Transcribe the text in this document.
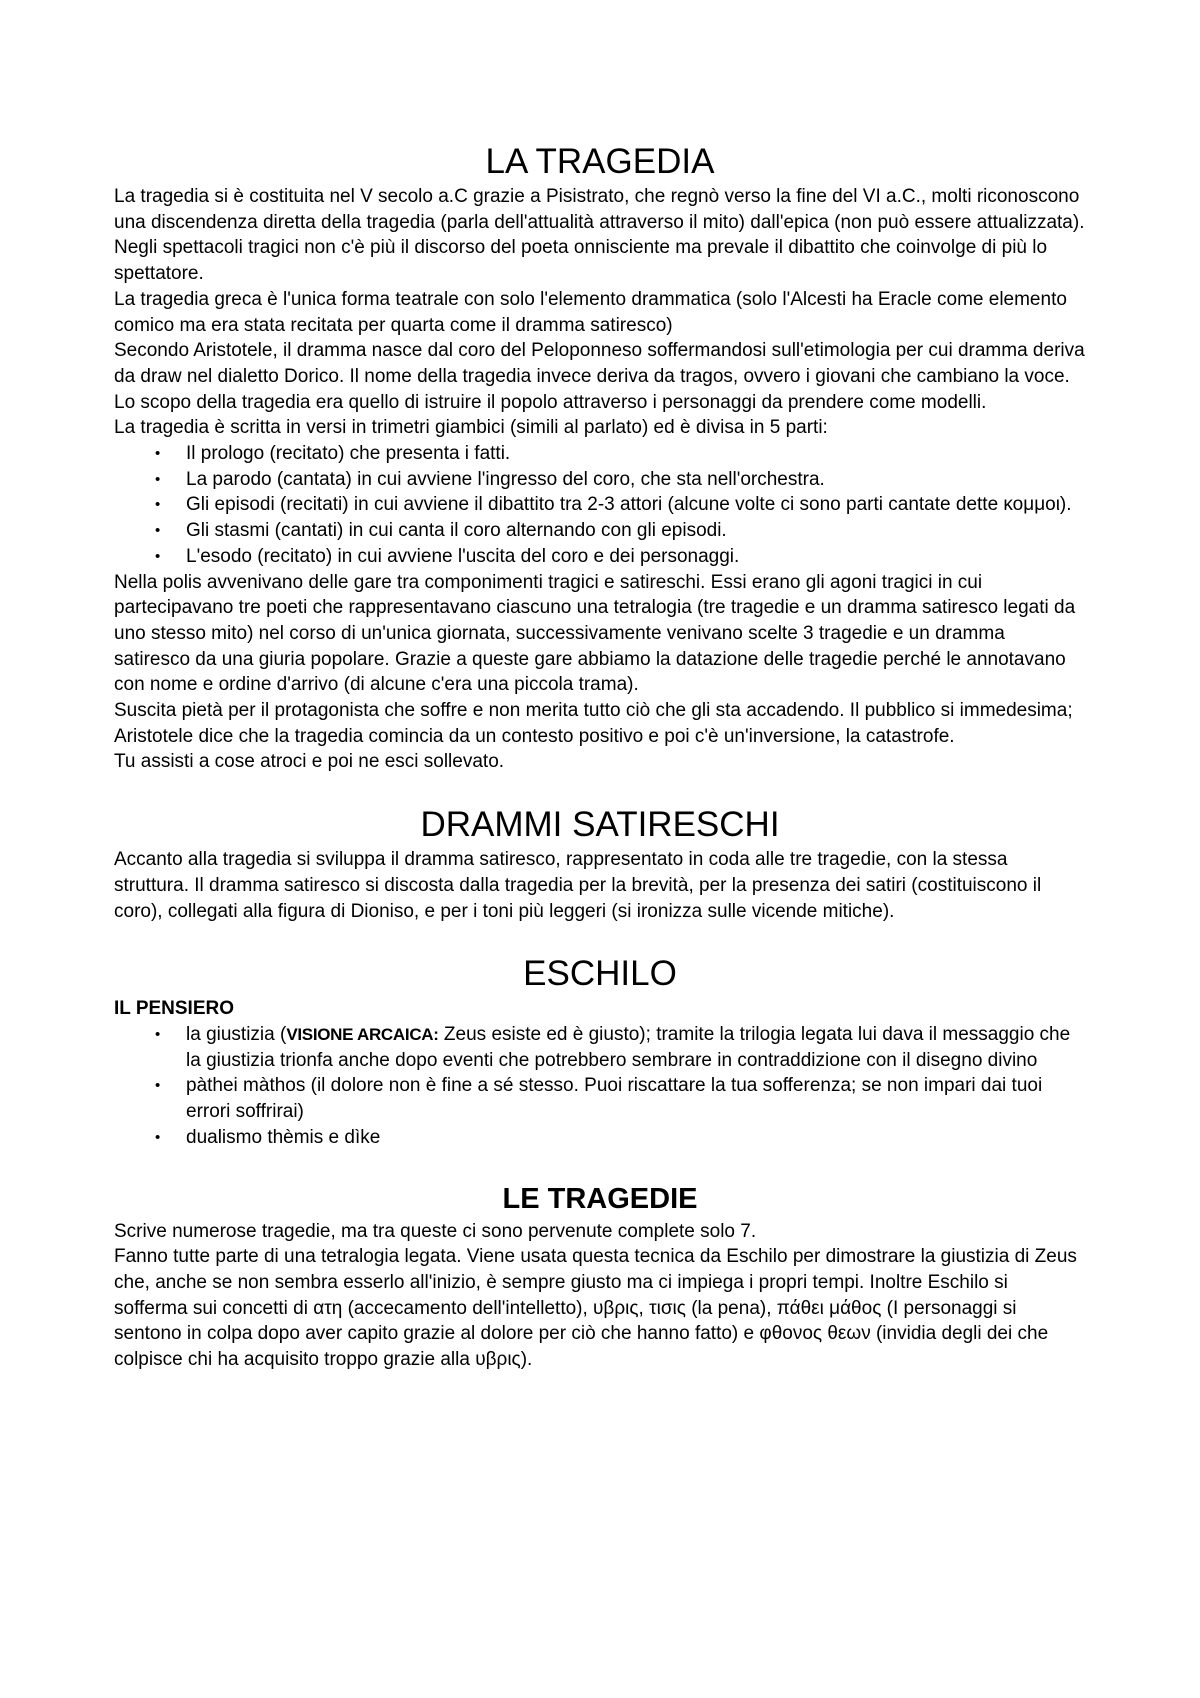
LA TRAGEDIA

La tragedia si è costituita nel V secolo a.C grazie a Pisistrato, che regnò verso la fine del VI a.C., molti riconoscono una discendenza diretta della tragedia (parla dell'attualità attraverso il mito) dall'epica (non può essere attualizzata). Negli spettacoli tragici non c'è più il discorso del poeta onnisciente ma prevale il dibattito che coinvolge di più lo spettatore.

La tragedia greca è l'unica forma teatrale con solo l'elemento drammatica (solo l'Alcesti ha Eracle come elemento comico ma era stata recitata per quarta come il dramma satiresco)

Secondo Aristotele, il dramma nasce dal coro del Peloponneso soffermandosi sull'etimologia per cui dramma deriva da draw nel dialetto Dorico. Il nome della tragedia invece deriva da tragos, ovvero i giovani che cambiano la voce.

Lo scopo della tragedia era quello di istruire il popolo attraverso i personaggi da prendere come modelli.

La tragedia è scritta in versi in trimetri giambici (simili al parlato) ed è divisa in 5 parti:

• Il prologo (recitato) che presenta i fatti.
• La parodo (cantata) in cui avviene l'ingresso del coro, che sta nell'orchestra.
• Gli episodi (recitati) in cui avviene il dibattito tra 2-3 attori (alcune volte ci sono parti cantate dette κομμοι).
• Gli stasmi (cantati) in cui canta il coro alternando con gli episodi.
• L'esodo (recitato) in cui avviene l'uscita del coro e dei personaggi.

Nella polis avvenivano delle gare tra componimenti tragici e satireschi. Essi erano gli agoni tragici in cui partecipavano tre poeti che rappresentavano ciascuno una tetralogia (tre tragedie e un dramma satiresco legati da uno stesso mito) nel corso di un'unica giornata, successivamente venivano scelte 3 tragedie e un dramma satiresco da una giuria popolare. Grazie a queste gare abbiamo la datazione delle tragedie perché le annotavano con nome e ordine d'arrivo (di alcune c'era una piccola trama).

Suscita pietà per il protagonista che soffre e non merita tutto ciò che gli sta accadendo. Il pubblico si immedesima; Aristotele dice che la tragedia comincia da un contesto positivo e poi c'è un'inversione, la catastrofe.

Tu assisti a cose atroci e poi ne esci sollevato.

DRAMMI SATIRESCHI

Accanto alla tragedia si sviluppa il dramma satiresco, rappresentato in coda alle tre tragedie, con la stessa struttura. Il dramma satiresco si discosta dalla tragedia per la brevità, per la presenza dei satiri (costituiscono il coro), collegati alla figura di Dioniso, e per i toni più leggeri (si ironizza sulle vicende mitiche).

ESCHILO

IL PENSIERO

• la giustizia (VISIONE ARCAICA: Zeus esiste ed è giusto); tramite la trilogia legata lui dava il messaggio che la giustizia trionfa anche dopo eventi che potrebbero sembrare in contraddizione con il disegno divino
• pàthei màthos (il dolore non è fine a sé stesso. Puoi riscattare la tua sofferenza; se non impari dai tuoi errori soffrirai)
• dualismo thèmis e dìke
LE TRAGEDIE

Scrive numerose tragedie, ma tra queste ci sono pervenute complete solo 7.

Fanno tutte parte di una tetralogia legata. Viene usata questa tecnica da Eschilo per dimostrare la giustizia di Zeus che, anche se non sembra esserlo all'inizio, è sempre giusto ma ci impiega i propri tempi. Inoltre Eschilo si sofferma sui concetti di ατη (accecamento dell'intelletto), υβρις, τισις (la pena), πάθει μάθος (I personaggi si sentono in colpa dopo aver capito grazie al dolore per ciò che hanno fatto) e φθονος θεων (invidia degli dei che colpisce chi ha acquisito troppo grazie alla υβρις).
